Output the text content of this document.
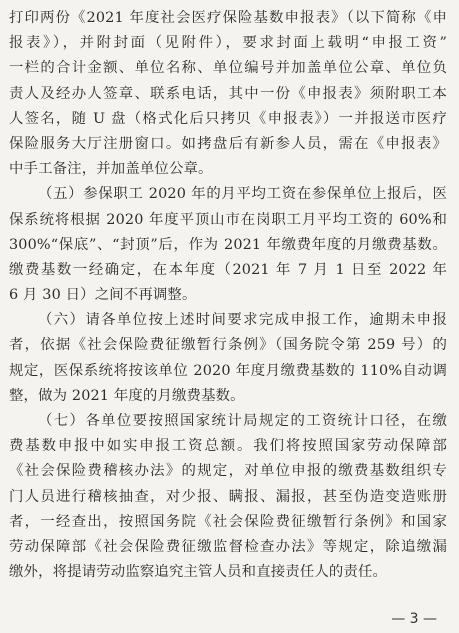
打印两份《2021 年度社会医疗保险基数申报表》（以下简称《申
报表》），并附封面（见附件），要求封面上载明“申报工资”
一栏的合计金额、单位名称、单位编号并加盖单位公章、单位负
责人及经办人签章、联系电话，其中一份《申报表》须附职工本
人签名，随 U 盘（格式化后只拷贝《申报表》）一并报送市医疗
保险服务大厅注册窗口。如拷盘后有新参人员，需在《申报表》
中手工备注，并加盖单位公章。
（五）参保职工 2020 年的月平均工资在参保单位上报后，医
保系统将根据 2020 年度平顶山市在岗职工月平均工资的 60%和
300%“保底”、“封顶”后，作为 2021 年缴费年度的月缴费基数。
缴费基数一经确定，在本年度（2021 年 7 月 1 日至 2022 年
6 月 30 日）之间不再调整。
（六）请各单位按上述时间要求完成申报工作，逾期未申报
者，依据《社会保险费征缴暂行条例》（国务院令第 259 号）的
规定，医保系统将按该单位 2020 年度月缴费基数的 110%自动调
整，做为 2021 年度的月缴费基数。
（七）各单位要按照国家统计局规定的工资统计口径，在缴
费基数申报中如实申报工资总额。我们将按照国家劳动保障部
《社会保险费稽核办法》的规定，对单位申报的缴费基数组织专
门人员进行稽核抽查，对少报、瞒报、漏报，甚至伪造变造账册
者，一经查出，按照国务院《社会保险费征缴暂行条例》和国家
劳动保障部《社会保险费征缴监督检查办法》等规定，除追缴漏
缴外，将提请劳动监察追究主管人员和直接责任人的责任。
— 3 —
